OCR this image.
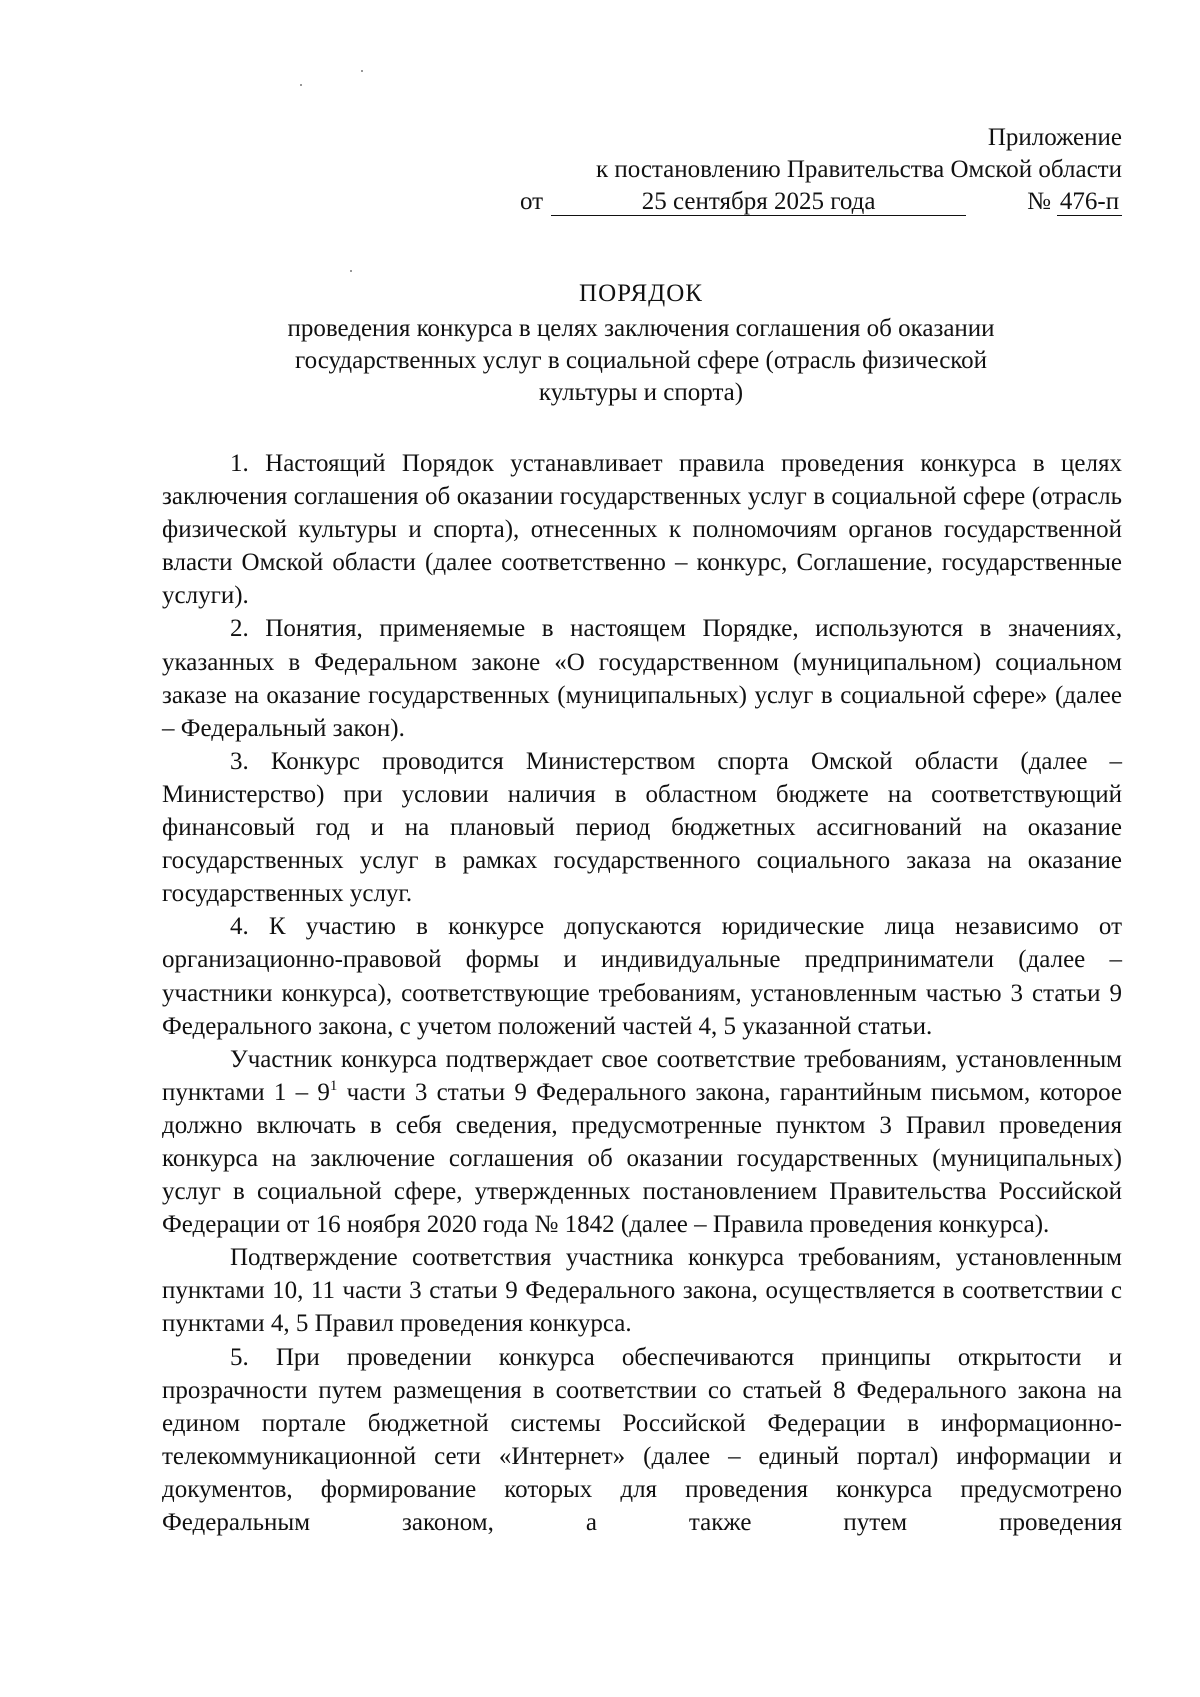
Приложение
к постановлению Правительства Омской области
от	25 сентября 2025 года	№ 476-п
ПОРЯДОК
проведения конкурса в целях заключения соглашения об оказании
государственных услуг в социальной сфере (отрасль физической
культуры и спорта)

1. Настоящий Порядок устанавливает правила проведения конкурса в целях заключения соглашения об оказании государственных услуг в социальной сфере (отрасль физической культуры и спорта), отнесенных к полномочиям органов государственной власти Омской области (далее соответственно – конкурс, Соглашение, государственные услуги).

2. Понятия, применяемые в настоящем Порядке, используются в значениях, указанных в Федеральном законе «О государственном (муниципальном) социальном заказе на оказание государственных (муниципальных) услуг в социальной сфере» (далее – Федеральный закон).

3. Конкурс проводится Министерством спорта Омской области (далее – Министерство) при условии наличия в областном бюджете на соответствующий финансовый год и на плановый период бюджетных ассигнований на оказание государственных услуг в рамках государственного социального заказа на оказание государственных услуг.

4. К участию в конкурсе допускаются юридические лица независимо от организационно-правовой формы и индивидуальные предприниматели (далее – участники конкурса), соответствующие требованиям, установленным частью 3 статьи 9 Федерального закона, с учетом положений частей 4, 5 указанной статьи.

Участник конкурса подтверждает свое соответствие требованиям, установленным пунктами $1 - 9^1$ части 3 статьи 9 Федерального закона, гарантийным письмом, которое должно включать в себя сведения, предусмотренные пунктом 3 Правил проведения конкурса на заключение соглашения об оказании государственных (муниципальных) услуг в социальной сфере, утвержденных постановлением Правительства Российской Федерации от 16 ноября 2020 года № 1842 (далее – Правила проведения конкурса).

Подтверждение соответствия участника конкурса требованиям, установленным пунктами 10, 11 части 3 статьи 9 Федерального закона, осуществляется в соответствии с пунктами 4, 5 Правил проведения конкурса.

5. При проведении конкурса обеспечиваются принципы открытости и прозрачности путем размещения в соответствии со статьей 8 Федерального закона на едином портале бюджетной системы Российской Федерации в информационно-телекоммуникационной сети «Интернет» (далее – единый портал) информации и документов, формирование которых для проведения конкурса предусмотрено Федеральным законом, а также путем проведения
